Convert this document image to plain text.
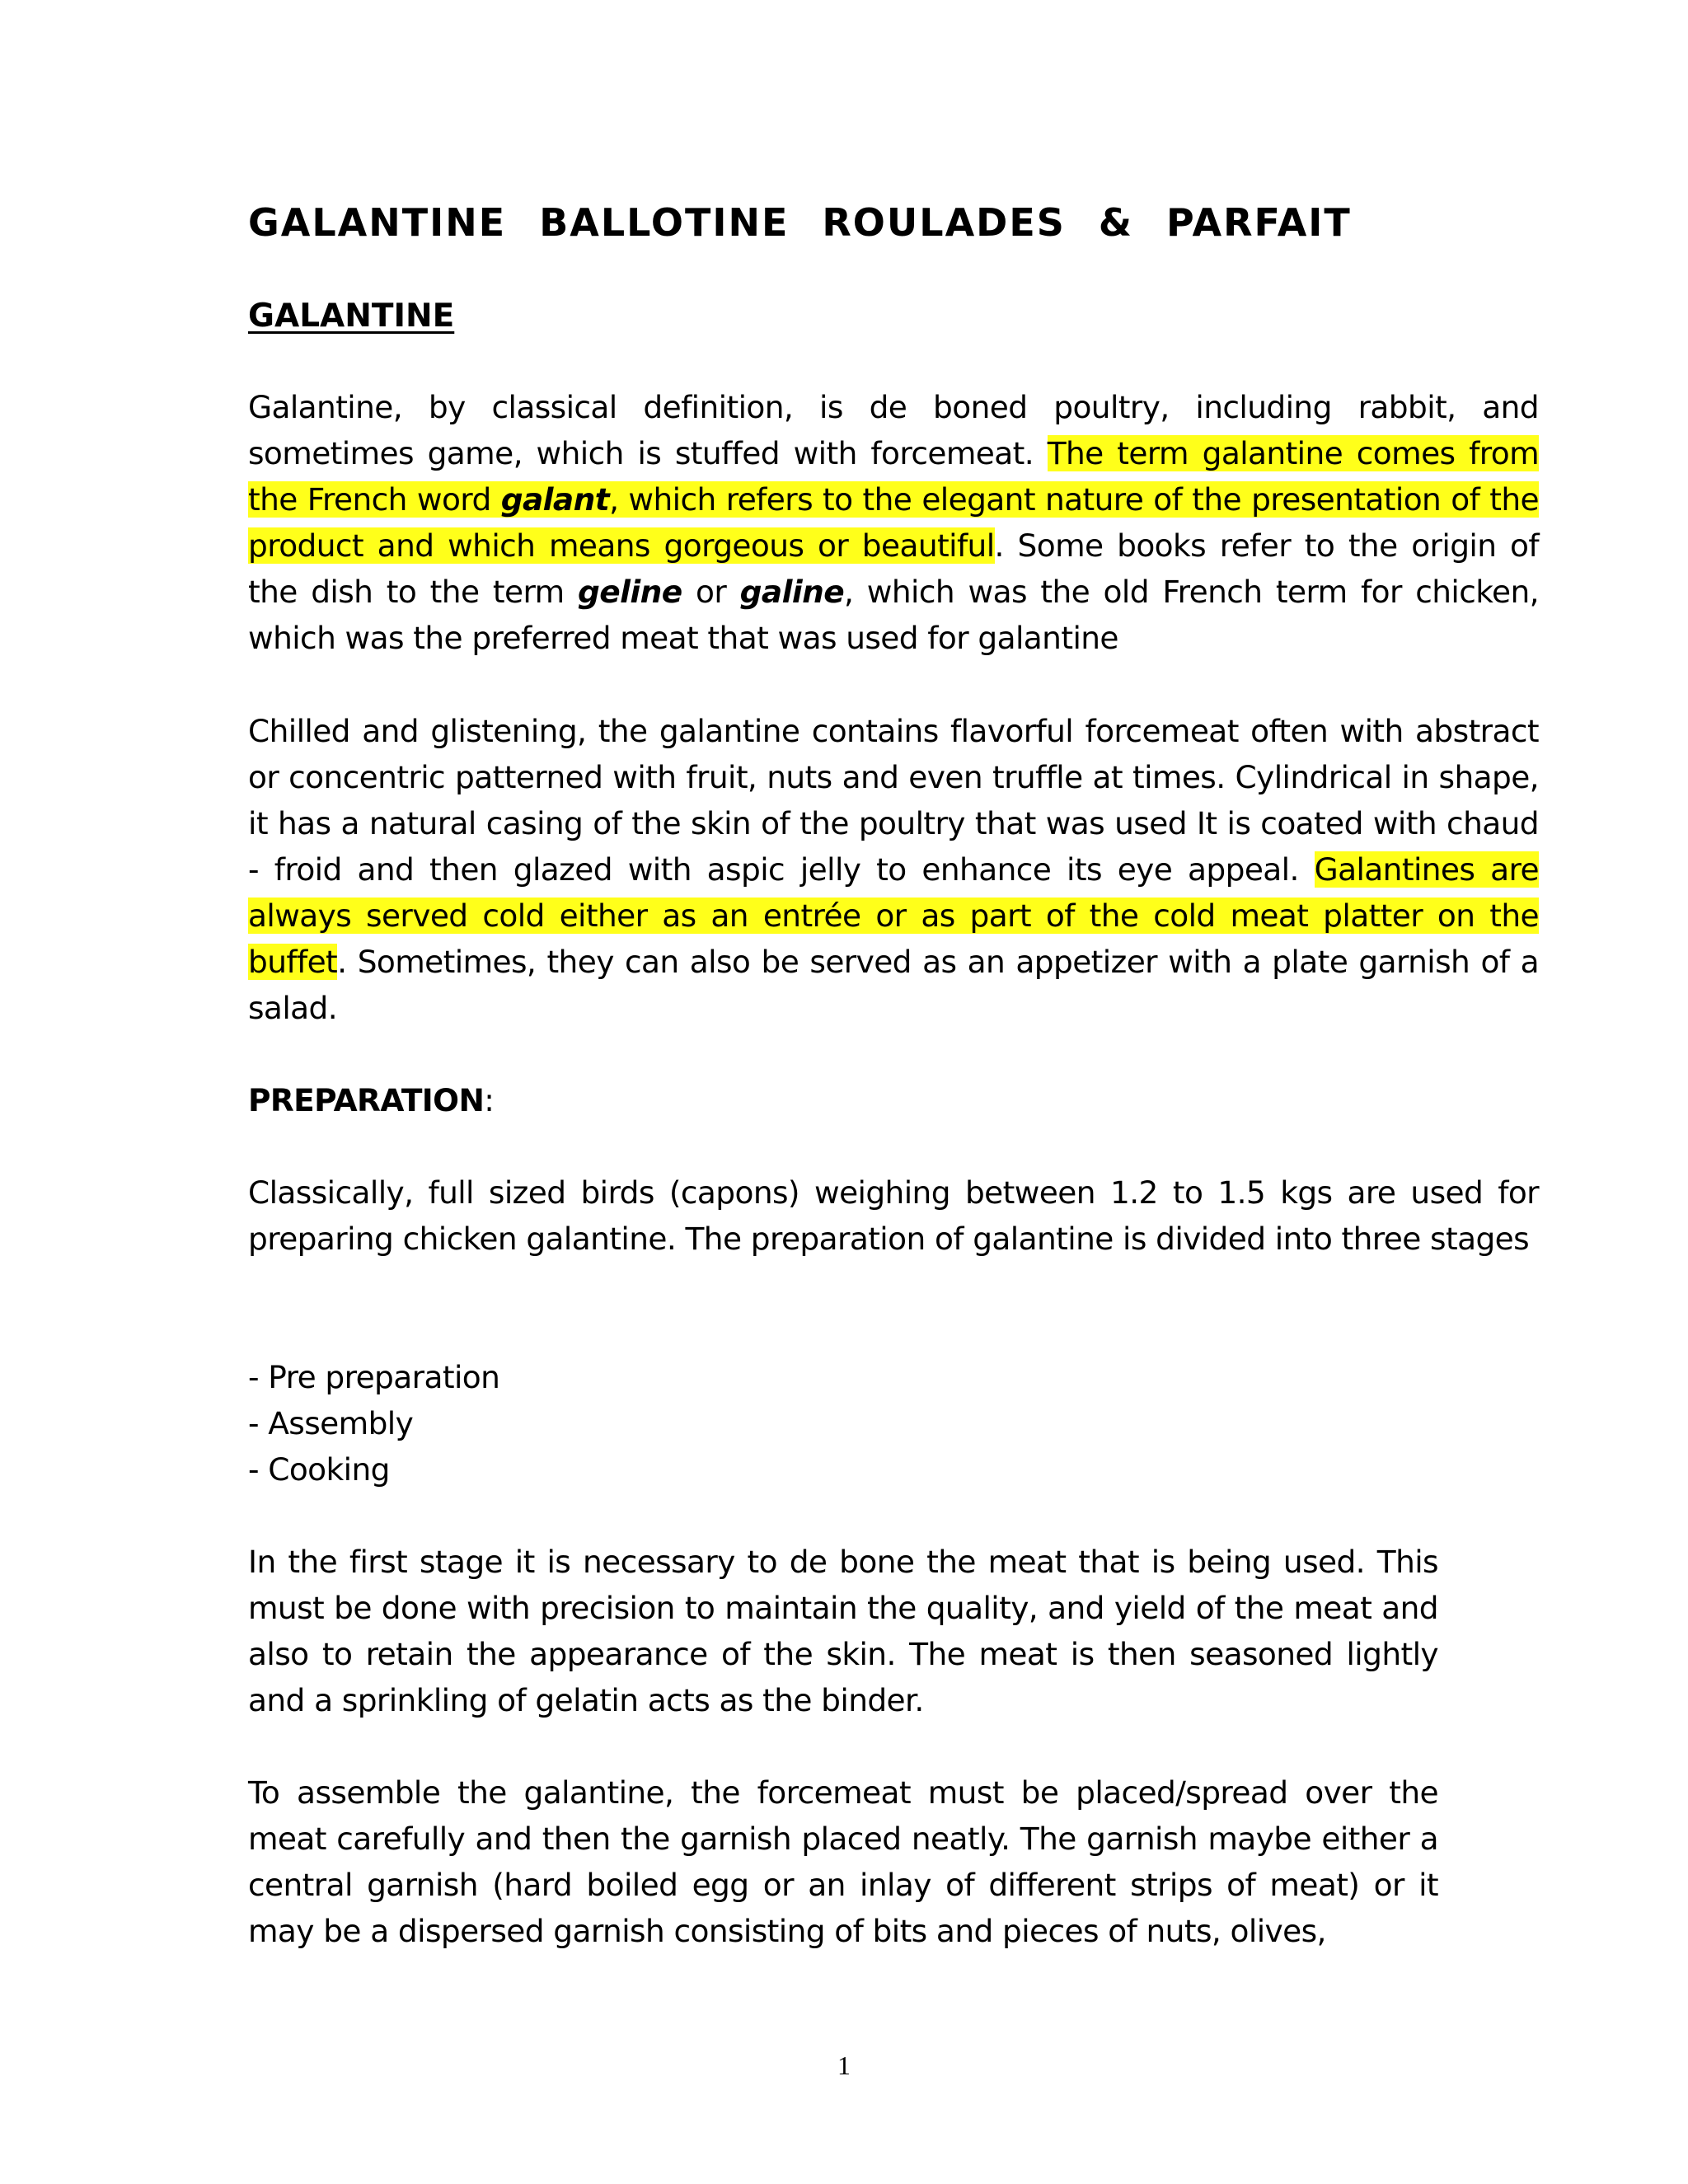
GALANTINE BALLOTINE ROULADES & PARFAIT
GALANTINE

Galantine, by classical definition, is de boned poultry, including rabbit, and sometimes game, which is stuffed with forcemeat. The term galantine comes from the French word galant, which refers to the elegant nature of the presentation of the product and which means gorgeous or beautiful. Some books refer to the origin of the dish to the term geline or galine, which was the old French term for chicken, which was the preferred meat that was used for galantine

Chilled and glistening, the galantine contains flavorful forcemeat often with abstract or concentric patterned with fruit, nuts and even truffle at times. Cylindrical in shape, it has a natural casing of the skin of the poultry that was used It is coated with chaud - froid and then glazed with aspic jelly to enhance its eye appeal. Galantines are always served cold either as an entrée or as part of the cold meat platter on the buffet. Sometimes, they can also be served as an appetizer with a plate garnish of a salad.

PREPARATION:

Classically, full sized birds (capons) weighing between 1.2 to 1.5 kgs are used for preparing chicken galantine. The preparation of galantine is divided into three stages

- Pre preparation
- Assembly
- Cooking

In the first stage it is necessary to de bone the meat that is being used. This must be done with precision to maintain the quality, and yield of the meat and also to retain the appearance of the skin. The meat is then seasoned lightly and a sprinkling of gelatin acts as the binder.

To assemble the galantine, the forcemeat must be placed/spread over the meat carefully and then the garnish placed neatly. The garnish maybe either a central garnish (hard boiled egg or an inlay of different strips of meat) or it may be a dispersed garnish consisting of bits and pieces of nuts, olives,

1
